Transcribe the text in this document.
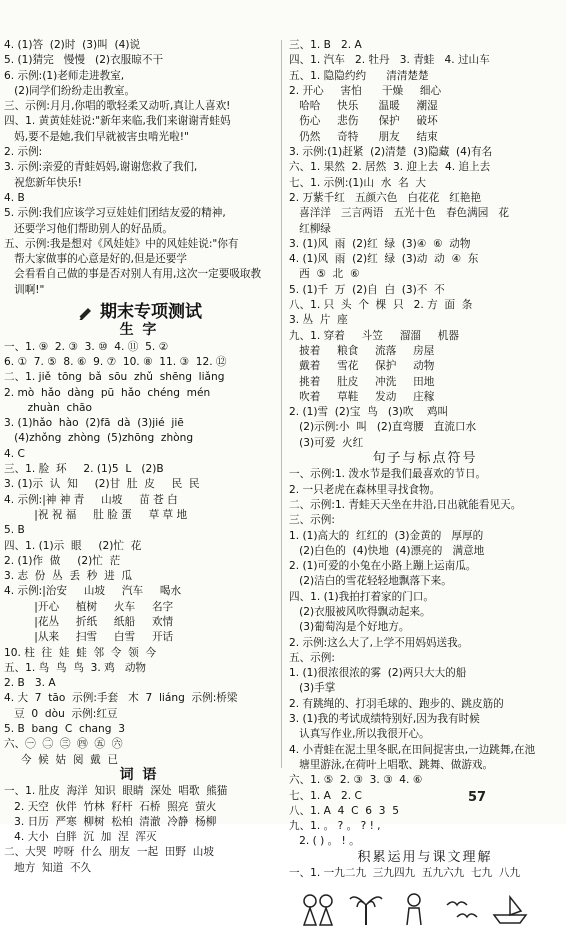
4. (1)答  (2)时  (3)叫  (4)说
5. (1)猜完   慢慢   (2)衣服晾不干
6. 示例:(1)老师走进教室,
(2)同学们纷纷走出教室。
三、示例:月月,你唱的歌轻柔又动听,真让人喜欢!
四、1. 黄黄娃娃说:"新年来临,我们来谢谢青蛙妈
妈,要不是她,我们早就被害虫啃光啦!"
2. 示例:
3. 示例:亲爱的青蛙妈妈,谢谢您救了我们,
祝您新年快乐!
4. B
5. 示例:我们应该学习豆娃娃们团结友爱的精神,
还要学习他们帮助别人的好品质。
五、示例:我是想对《风娃娃》中的风娃娃说:"你有
帮大家做事的心意是好的,但是还要学
会看看自己做的事是否对别人有用,这次一定要吸取教
训啊!"
期末专项测试
生 字
一、1. ⑨  2. ③  3. ⑩  4. ⑪  5. ②
6. ①  7. ⑤  8. ⑥  9. ⑦  10. ⑧  11. ③  12. ⑫
二、1. jiě  tōng  bǎ  sōu  zhǔ  shēng  liǎng
2. mò  hǎo  dàng  pū  hǎo  chéng  mén
zhuàn  chāo
3. (1)hǎo  hào  (2)fā  dà  (3)jié  jiē
(4)zhǒng  zhòng  (5)zhōng  zhòng
4. C
三、1. 脸  环     2. (1)5  L   (2)B
3. (1)示  认  知     (2)甘  肚  皮     民  民
4. 示例:|神 神 青     山坡     苗 苍 白
|祝 祝 福     肚 脸 蛋     草 草 地
5. B
四、1. (1)示  眼     (2)忙  花
2. (1)作  做     (2)忙  茫
3. 志  份  丛  丢  秒  进  瓜
4. 示例:|治安     山坡     汽车     喝水
|开心     植树     火车     名字
|花丛     折纸     纸船     欢情
|从来     扫雪     白雪     开话
10. 柱  往  娃  蛙  邻  令  领  今
五、1. 鸟  鸟  鸟  3. 鸡   动物
2. B   3. A
4. 大  7  tāo  示例:手套   木  7  liáng  示例:桥梁
豆  0  dòu  示例:红豆
5. B  bang  C  chang  3
六、㊀  ㊁  ㊂  ㊃  ㊄  ㊅
今  候  姑  阅  戴  已
词 语
一、1. 肚皮  海洋  知识  眼睛  深处  唱歌  熊猫
2. 天空  伙伴  竹林  籽杆  石桥  照亮  萤火
3. 日历  严寒  柳树  松柏  清澈  冷静  杨柳
4. 大小  白胖  沉  加  涅  浑灭
二、大哭  哼呀  什么  朋友  一起  田野  山坡
地方  知道  不久
三、1. B   2. A
四、1. 汽车   2. 牡丹   3. 青蛙   4. 过山车
五、1. 隐隐约约      清清楚楚
2. 开心     害怕      干燥     细心
哈哈     快乐      温暖     潮湿
伤心     悲伤      保护     破坏
仍然     奇特      朋友     结束
3. 示例:(1)赶紧  (2)清楚  (3)隐藏  (4)有名
六、1. 果然  2. 居然  3. 迎上去  4. 追上去
七、1. 示例:(1)山  水  名  大
2. 万紫千红   五颜六色   白花花   红艳艳
喜洋洋   三言两语   五光十色   春色满园   花
红柳绿
3. (1)风  雨  (2)红  绿  (3)④  ⑥  动物
4. (1)风  雨  (2)红  绿  (3)动  动  ④  东
西  ⑤  北  ⑥
5. (1)千  万  (2)自  白  (3)不  不
八、1. 只  头  个  棵  只   2. 方  面  条
3. 丛  片  座
九、1. 穿着     斗笠     溜溜     机器
披着     粮食     流落     房屋
戴着     雪花     保护     动物
挑着     肚皮     冲洗     田地
吹着     草鞋     发动     庄稼
2. (1)雪  (2)宝  鸟   (3)吹    鸡叫
(2)示例:小  叫   (2)直弯腰   直流口水
(3)可爱  火红
句子与标点符号
一、示例:1. 泼水节是我们最喜欢的节日。
2. 一只老虎在森林里寻找食物。
二、示例:1. 青蛙天天坐在井沿,日出就能看见天。
三、示例:
1. (1)高大的  红红的  (3)金黄的   厚厚的
(2)白色的  (4)快地  (4)漂亮的   满意地
2. (1)可爱的小兔在小路上蹦上运南瓜。
(2)洁白的雪花轻轻地飘落下来。
四、1. (1)我拍打着家的门口。
(2)衣服被风吹得飘动起来。
(3)葡萄沟是个好地方。
2. 示例:这么大了,上学不用妈妈送我。
五、示例:
1. (1)很浓很浓的雾  (2)两只大大的船
(3)手掌
2. 有跳绳的、打羽毛球的、跑步的、跳皮筋的
3. (1)我的考试成绩特别好,因为我有时候
认真写作业,所以我很开心。
4. 小青蛙在泥土里冬眠,在田间捉害虫,一边跳舞,在池
塘里游泳,在荷叶上唱歌、跳舞、做游戏。
六、1. ⑤  2. ③  3. ③  4. ⑥
七、1. A   2. C
八、1. A  4  C  6  3  5
九、1. 。 ? 。 ? ! ,
2. ( ) 。 ! 。
积累运用与课文理解
一、1. 一九二九  三九四九  五九六九  七九  八九
57
